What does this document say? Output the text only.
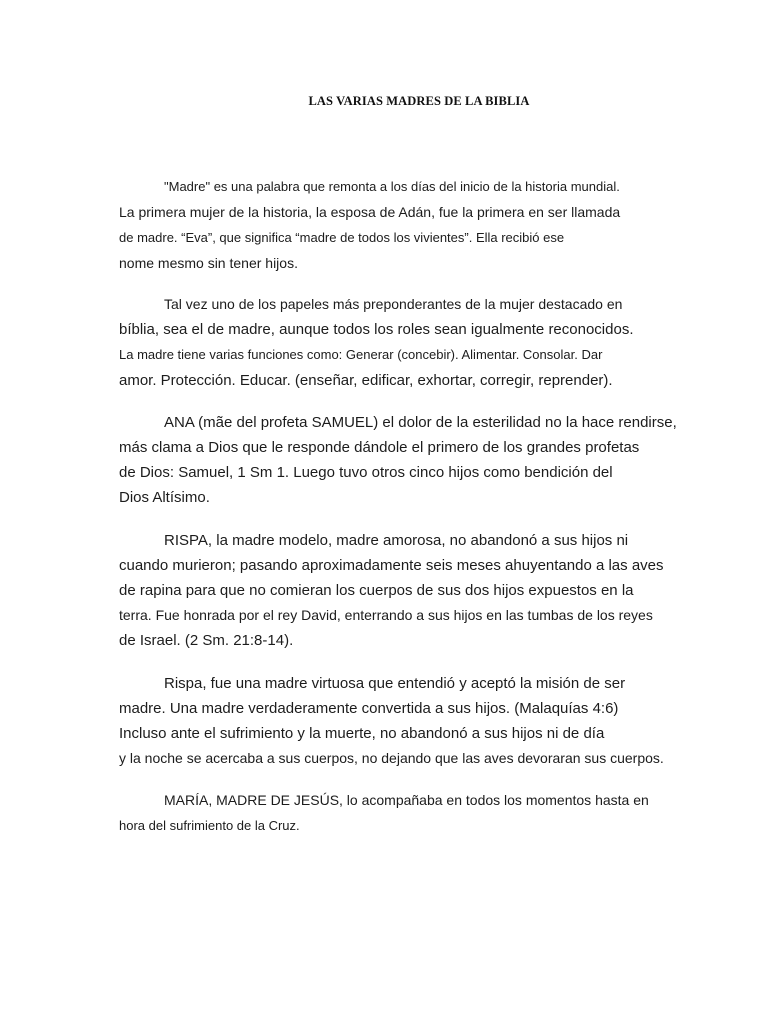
LAS VARIAS MADRES DE LA BIBLIA
"Madre" es una palabra que remonta a los días del inicio de la historia mundial.
La primera mujer de la historia, la esposa de Adán, fue la primera en ser llamada
de madre. “Eva”, que significa “madre de todos los vivientes”. Ella recibió ese
nome mesmo sin tener hijos.
Tal vez uno de los papeles más preponderantes de la mujer destacado en
bíblia, sea el de madre, aunque todos los roles sean igualmente reconocidos.
La madre tiene varias funciones como: Generar (concebir). Alimentar. Consolar. Dar
amor. Protección. Educar. (enseñar, edificar, exhortar, corregir, reprender).
ANA (mãe del profeta SAMUEL) el dolor de la esterilidad no la hace rendirse,
más clama a Dios que le responde dándole el primero de los grandes profetas
de Dios: Samuel, 1 Sm 1. Luego tuvo otros cinco hijos como bendición del
Dios Altísimo.
RISPA, la madre modelo, madre amorosa, no abandonó a sus hijos ni
cuando murieron; pasando aproximadamente seis meses ahuyentando a las aves
de rapina para que no comieran los cuerpos de sus dos hijos expuestos en la
terra. Fue honrada por el rey David, enterrando a sus hijos en las tumbas de los reyes
de Israel. (2 Sm. 21:8-14).
Rispa, fue una madre virtuosa que entendió y aceptó la misión de ser
madre. Una madre verdaderamente convertida a sus hijos. (Malaquías 4:6)
Incluso ante el sufrimiento y la muerte, no abandonó a sus hijos ni de día
y la noche se acercaba a sus cuerpos, no dejando que las aves devoraran sus cuerpos.
MARÍA, MADRE DE JESÚS, lo acompañaba en todos los momentos hasta en
hora del sufrimiento de la Cruz.
